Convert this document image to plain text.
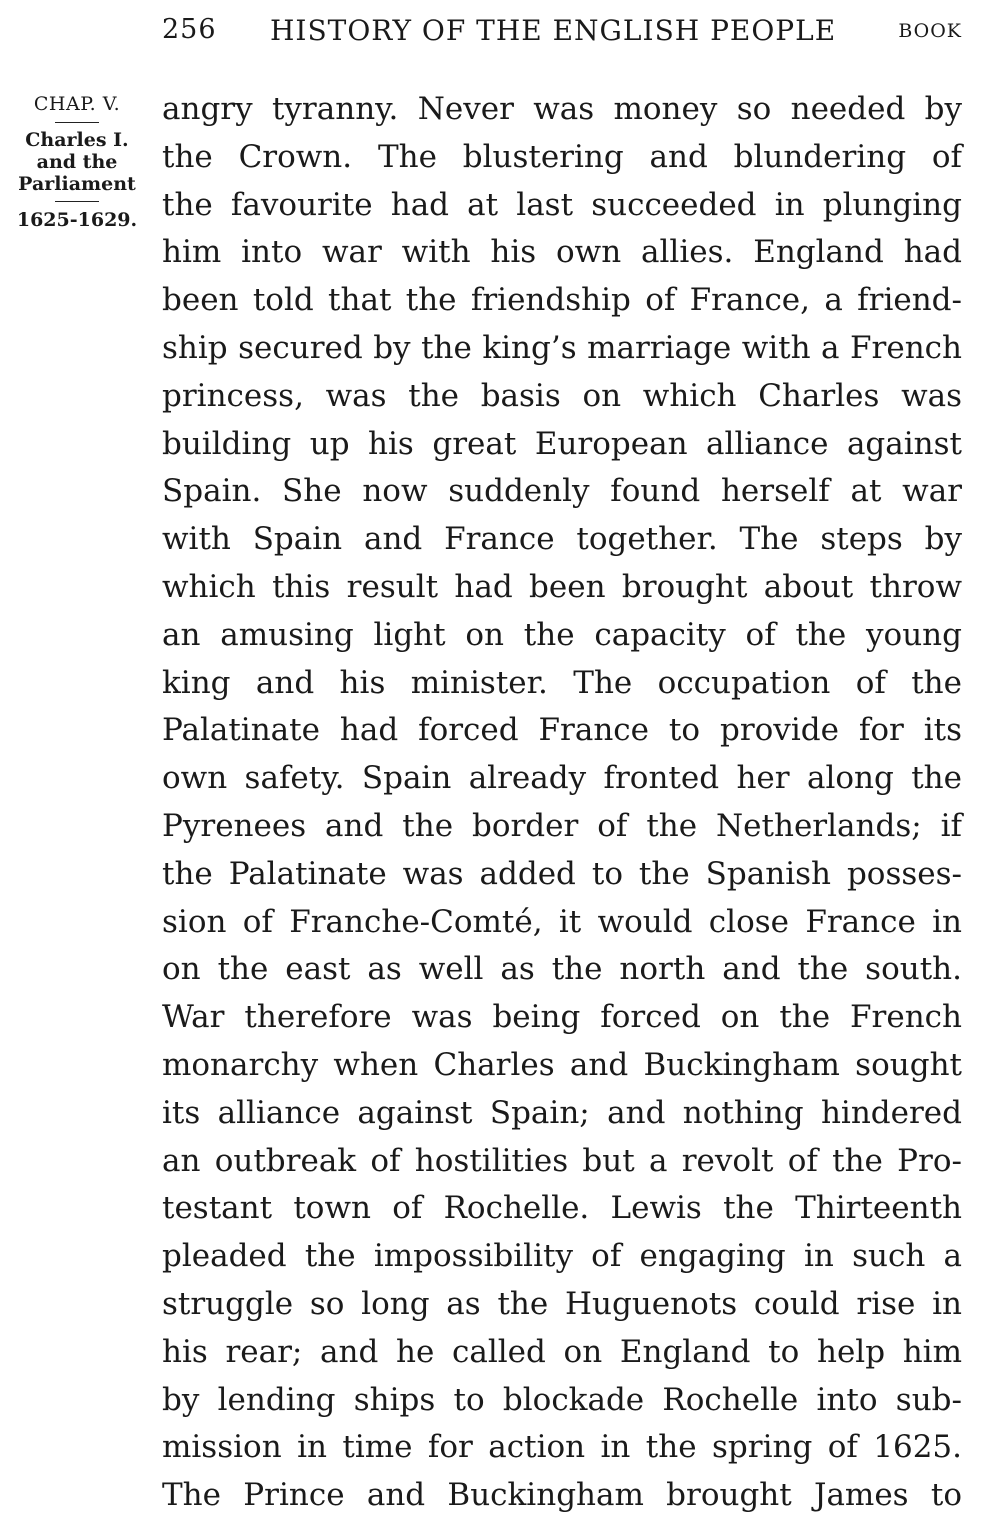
256 HISTORY OF THE ENGLISH PEOPLE	BOOK
CHAP. V.
Charles I.
and the
Parliament
1625-1629.
angry tyranny. Never was money so needed by
the Crown. The blustering and blundering of
the favourite had at last succeeded in plunging
him into war with his own allies. England had
been told that the friendship of France, a friend-
ship secured by the king’s marriage with a French
princess, was the basis on which Charles was
building up his great European alliance against
Spain. She now suddenly found herself at war
with Spain and France together. The steps by
which this result had been brought about throw
an amusing light on the capacity of the young
king and his minister. The occupation of the
Palatinate had forced France to provide for its
own safety. Spain already fronted her along the
Pyrenees and the border of the Netherlands; if
the Palatinate was added to the Spanish posses-
sion of Franche-Comté, it would close France in
on the east as well as the north and the south.
War therefore was being forced on the French
monarchy when Charles and Buckingham sought
its alliance against Spain; and nothing hindered
an outbreak of hostilities but a revolt of the Pro-
testant town of Rochelle. Lewis the Thirteenth
pleaded the impossibility of engaging in such a
struggle so long as the Huguenots could rise in
his rear; and he called on England to help him
by lending ships to blockade Rochelle into sub-
mission in time for action in the spring of 1625.
The Prince and Buckingham brought James to
